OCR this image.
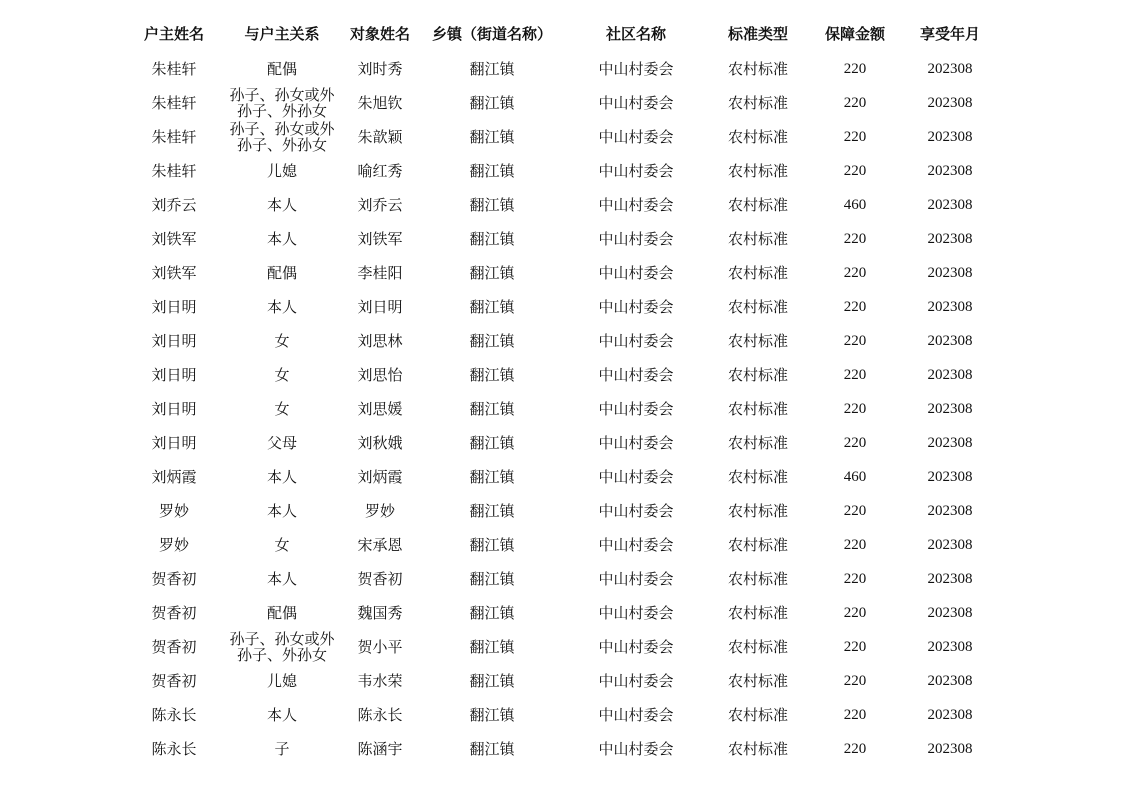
户主姓名	与户主关系	对象姓名	乡镇（街道名称）	社区名称	标准类型	保障金额	享受年月
朱桂轩	配偶	刘时秀	翻江镇	中山村委会	农村标准	220	202308
朱桂轩	孙子、孙女或外孙子、外孙女	朱旭钦	翻江镇	中山村委会	农村标准	220	202308
朱桂轩	孙子、孙女或外孙子、外孙女	朱歆颖	翻江镇	中山村委会	农村标准	220	202308
朱桂轩	儿媳	喻红秀	翻江镇	中山村委会	农村标准	220	202308
刘乔云	本人	刘乔云	翻江镇	中山村委会	农村标准	460	202308
刘铁军	本人	刘铁军	翻江镇	中山村委会	农村标准	220	202308
刘铁军	配偶	李桂阳	翻江镇	中山村委会	农村标准	220	202308
刘日明	本人	刘日明	翻江镇	中山村委会	农村标准	220	202308
刘日明	女	刘思林	翻江镇	中山村委会	农村标准	220	202308
刘日明	女	刘思怡	翻江镇	中山村委会	农村标准	220	202308
刘日明	女	刘思媛	翻江镇	中山村委会	农村标准	220	202308
刘日明	父母	刘秋娥	翻江镇	中山村委会	农村标准	220	202308
刘炳霞	本人	刘炳霞	翻江镇	中山村委会	农村标准	460	202308
罗妙	本人	罗妙	翻江镇	中山村委会	农村标准	220	202308
罗妙	女	宋承恩	翻江镇	中山村委会	农村标准	220	202308
贺香初	本人	贺香初	翻江镇	中山村委会	农村标准	220	202308
贺香初	配偶	魏国秀	翻江镇	中山村委会	农村标准	220	202308
贺香初	孙子、孙女或外孙子、外孙女	贺小平	翻江镇	中山村委会	农村标准	220	202308
贺香初	儿媳	韦水荣	翻江镇	中山村委会	农村标准	220	202308
陈永长	本人	陈永长	翻江镇	中山村委会	农村标准	220	202308
陈永长	子	陈涵宇	翻江镇	中山村委会	农村标准	220	202308
